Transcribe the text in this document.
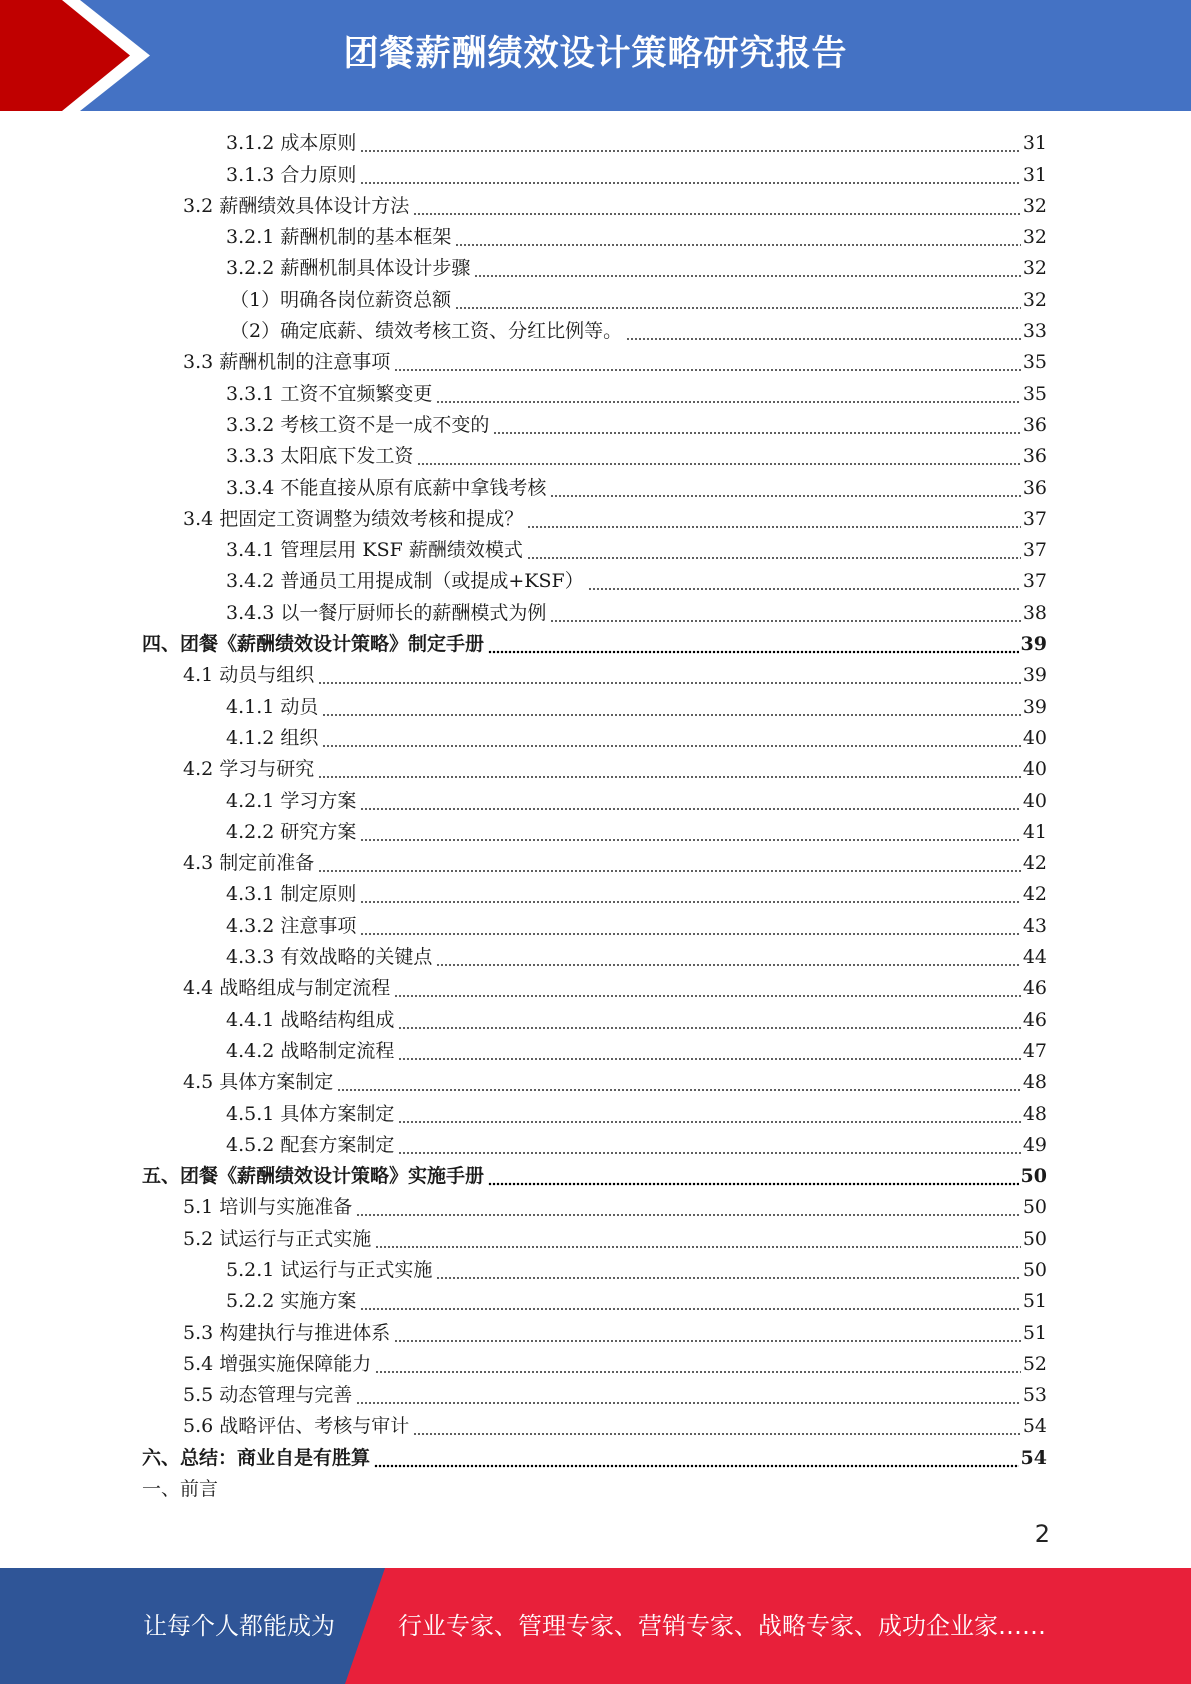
团餐薪酬绩效设计策略研究报告
3.1.2 成本原则	31
3.1.3 合力原则	31
3.2 薪酬绩效具体设计方法	32
3.2.1 薪酬机制的基本框架	32
3.2.2 薪酬机制具体设计步骤	32
（1）明确各岗位薪资总额	32
（2）确定底薪、绩效考核工资、分红比例等。	33
3.3 薪酬机制的注意事项	35
3.3.1 工资不宜频繁变更	35
3.3.2 考核工资不是一成不变的	36
3.3.3 太阳底下发工资	36
3.3.4 不能直接从原有底薪中拿钱考核	36
3.4 把固定工资调整为绩效考核和提成？	37
3.4.1 管理层用 KSF 薪酬绩效模式	37
3.4.2 普通员工用提成制（或提成+KSF）	37
3.4.3 以一餐厅厨师长的薪酬模式为例	38
四、团餐《薪酬绩效设计策略》制定手册	39
4.1 动员与组织	39
4.1.1 动员	39
4.1.2 组织	40
4.2 学习与研究	40
4.2.1 学习方案	40
4.2.2 研究方案	41
4.3 制定前准备	42
4.3.1 制定原则	42
4.3.2 注意事项	43
4.3.3 有效战略的关键点	44
4.4 战略组成与制定流程	46
4.4.1 战略结构组成	46
4.4.2 战略制定流程	47
4.5 具体方案制定	48
4.5.1 具体方案制定	48
4.5.2 配套方案制定	49
五、团餐《薪酬绩效设计策略》实施手册	50
5.1 培训与实施准备	50
5.2 试运行与正式实施	50
5.2.1 试运行与正式实施	50
5.2.2 实施方案	51
5.3 构建执行与推进体系	51
5.4 增强实施保障能力	52
5.5 动态管理与完善	53
5.6 战略评估、考核与审计	54
六、总结：商业自是有胜算	54
一、前言
2
让每个人都能成为	行业专家、管理专家、营销专家、战略专家、成功企业家……
